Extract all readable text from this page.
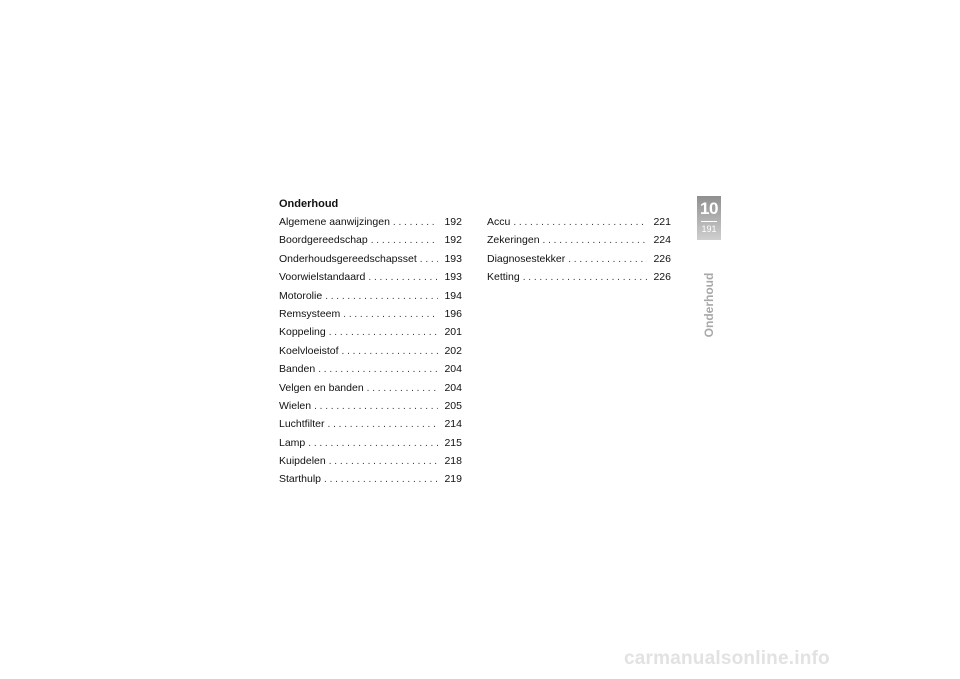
Onderhoud
Algemene aanwijzingen . . .	192
Boordgereedschap . . .	192
Onderhoudsgereedschapsset . . .	193
Voorwielstandaard . . .	193
Motorolie . . .	194
Remsysteem . . .	196
Koppeling . . .	201
Koelvloeistof . . .	202
Banden . . .	204
Velgen en banden . . .	204
Wielen . . .	205
Luchtfilter . . .	214
Lamp . . .	215
Kuipdelen . . .	218
Starthulp . . .	219
Accu . . .	221
Zekeringen . . .	224
Diagnosestekker . . .	226
Ketting . . .	226
10
191
Onderhoud
carmanualsonline.info
